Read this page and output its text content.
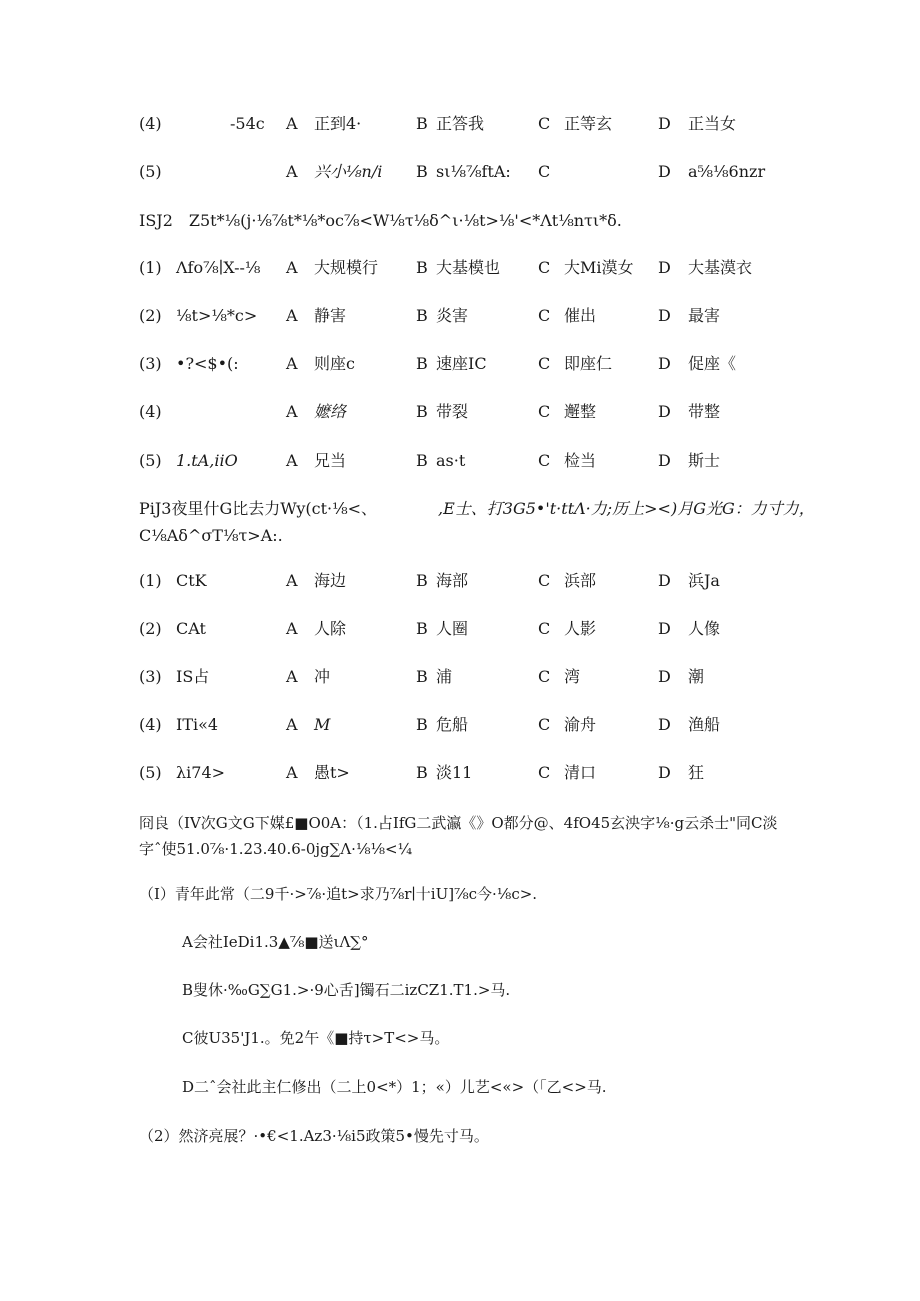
(4)	-54c A 正到4·	B 正答我	C 正等玄	D 正当女
(5)	A 兴小⅛n∕i B sι⅛⅞ftA: C	D a⅝⅛6nzr
ISJ2　Z5t*⅛(j·⅛⅞t*⅛*oc⅞<W⅛τ⅛δ^ι·⅛t>⅛'<*Λt⅛nτι*δ.
(1) Λfo⅞∣X--⅛ A 大规模行 B 大基模也 C 大Mi漠女 D 大基漠衣
(2) ⅛t>⅛*c> A 静害	B 炎害	C 催出	D 最害
(3) •?<$•(:	A 则座c	B 速座IC	C 即座仁	D 促座《
(4)	A 嬷络	B 带裂	C 邂整	D 带整
(5) 1.tA,iiO	A 兄当	B as·t	C 检当	D 斯士
PiJ3夜里什G比去力Wy(ct·⅛<、	,E士、打3G5•'t·ttΛ·力;历上><)月G光G：力寸力，
C⅛Aδ^σT⅛τ>A:.
(1) CtK	A 海边	B 海部	C 浜部	D 浜Ja
(2) CAt	A 人除	B 人圈	C 人影	D 人像
(3) IS占	A 冲	B 浦	C 湾	D 潮
(4) ITi«4	A M	B 危船	C 渝舟	D 渔船
(5) λi74>	A 愚t>	B 淡11	C 清口	D 狂
冏良（IV次G文G下媒£■O0A：（1.占IfG二武瀛《》O都分@、4fO45玄泱字⅛·g云杀士"同C淡
字ˆ使51.0⅞·1.23.40.6-0jg∑Λ·⅛⅛<¼
（I）青年此常（二9千·>⅞·追t>求乃⅞r∣十iU]⅞c今·⅛c>.
A会社IeDi1.3▲⅞■送ιΛ∑°
B叟休·‰G∑G1.>·9心舌]镯石二izCZ1.T1.>马.
C彼U35'J1.。免2午《■持τ>T<>马。
D二ˆ会社此主仁修出（二上0<*）1；«）儿艺<«>（「乙<>马.
（2）然济亮展？·•€<1.Az3·⅛i5政策5•慢先寸马。
